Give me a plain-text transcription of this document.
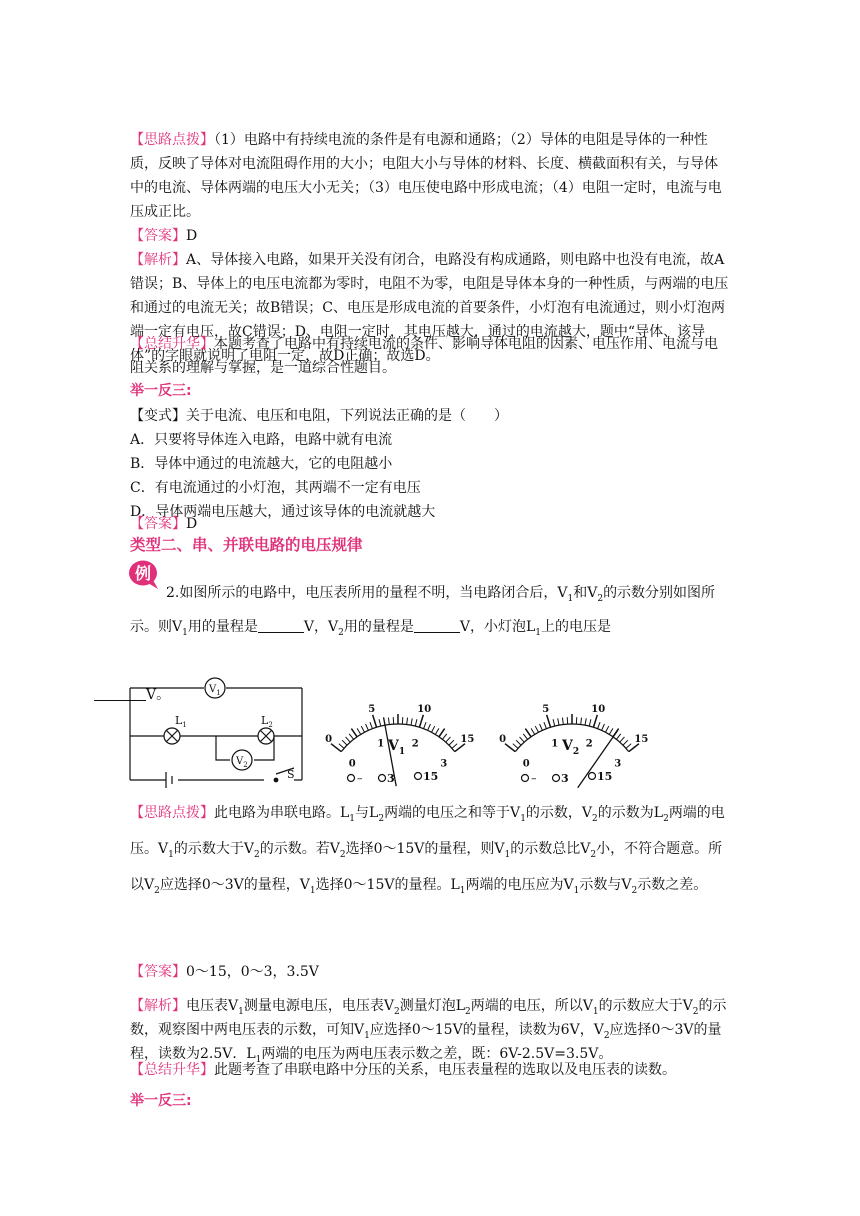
【思路点拨】（1）电路中有持续电流的条件是有电源和通路；（2）导体的电阻是导体的一种性质，反映了导体对电流阻碍作用的大小；电阻大小与导体的材料、长度、横截面积有关，与导体中的电流、导体两端的电压大小无关；（3）电压使电路中形成电流；（4）电阻一定时，电流与电压成正比。

【答案】D

【解析】A、导体接入电路，如果开关没有闭合，电路没有构成通路，则电路中也没有电流，故A错误；B、导体上的电压电流都为零时，电阻不为零，电阻是导体本身的一种性质，与两端的电压和通过的电流无关；故B错误；C、电压是形成电流的首要条件，小灯泡有电流通过，则小灯泡两端一定有电压，故C错误；D、电阻一定时，其电压越大，通过的电流越大，题中“导体、该导体”的字眼就说明了电阻一定，故D正确；故选D。

【总结升华】本题考查了电路中有持续电流的条件、影响导体电阻的因素、电压作用、电流与电阻关系的理解与掌握，是一道综合性题目。

举一反三:

【变式】关于电流、电压和电阻，下列说法正确的是（　　）
A．只要将导体连入电路，电路中就有电流
B．导体中通过的电流越大，它的电阻越小
C．有电流通过的小灯泡，其两端不一定有电压
D．导体两端电压越大，通过该导体的电流就越大

【答案】D

类型二、串、并联电路的电压规律
例

2.如图所示的电路中，电压表所用的量程不明，当电路闭合后，$V_1$和$V_2$的示数分别如图所示。则$V_1$用的量程是	V，$V_2$用的量程是	V，小灯泡$L_1$上的电压是

V。	$V_1$
$V_2$
$L_1$	$L_2$
S
0
5	10
15
0
1	2
3
$V_1$
– 3	15
0
5	10
15
0
1	2
3
$V_2$
– 3	15

【思路点拨】此电路为串联电路。$L_1$与$L_2$两端的电压之和等于$V_1$的示数，$V_2$的示数为$L_2$两端的电压。$V_1$的示数大于$V_2$的示数。若$V_2$选择0～15V的量程，则$V_1$的示数总比$V_2$小，不符合题意。所以$V_2$应选择0～3V的量程，$V_1$选择0～15V的量程。$L_1$两端的电压应为$V_1$示数与$V_2$示数之差。

【答案】0～15，0～3，3.5V

【解析】电压表$V_1$测量电源电压，电压表$V_2$测量灯泡$L_2$两端的电压，所以$V_1$的示数应大于$V_2$的示数，观察图中两电压表的示数，可知$V_1$应选择0～15V的量程，读数为6V，$V_2$应选择0～3V的量程，读数为2.5V．$L_1$两端的电压为两电压表示数之差，既：6V-2.5V=3.5V。

【总结升华】此题考查了串联电路中分压的关系，电压表量程的选取以及电压表的读数。

举一反三:
